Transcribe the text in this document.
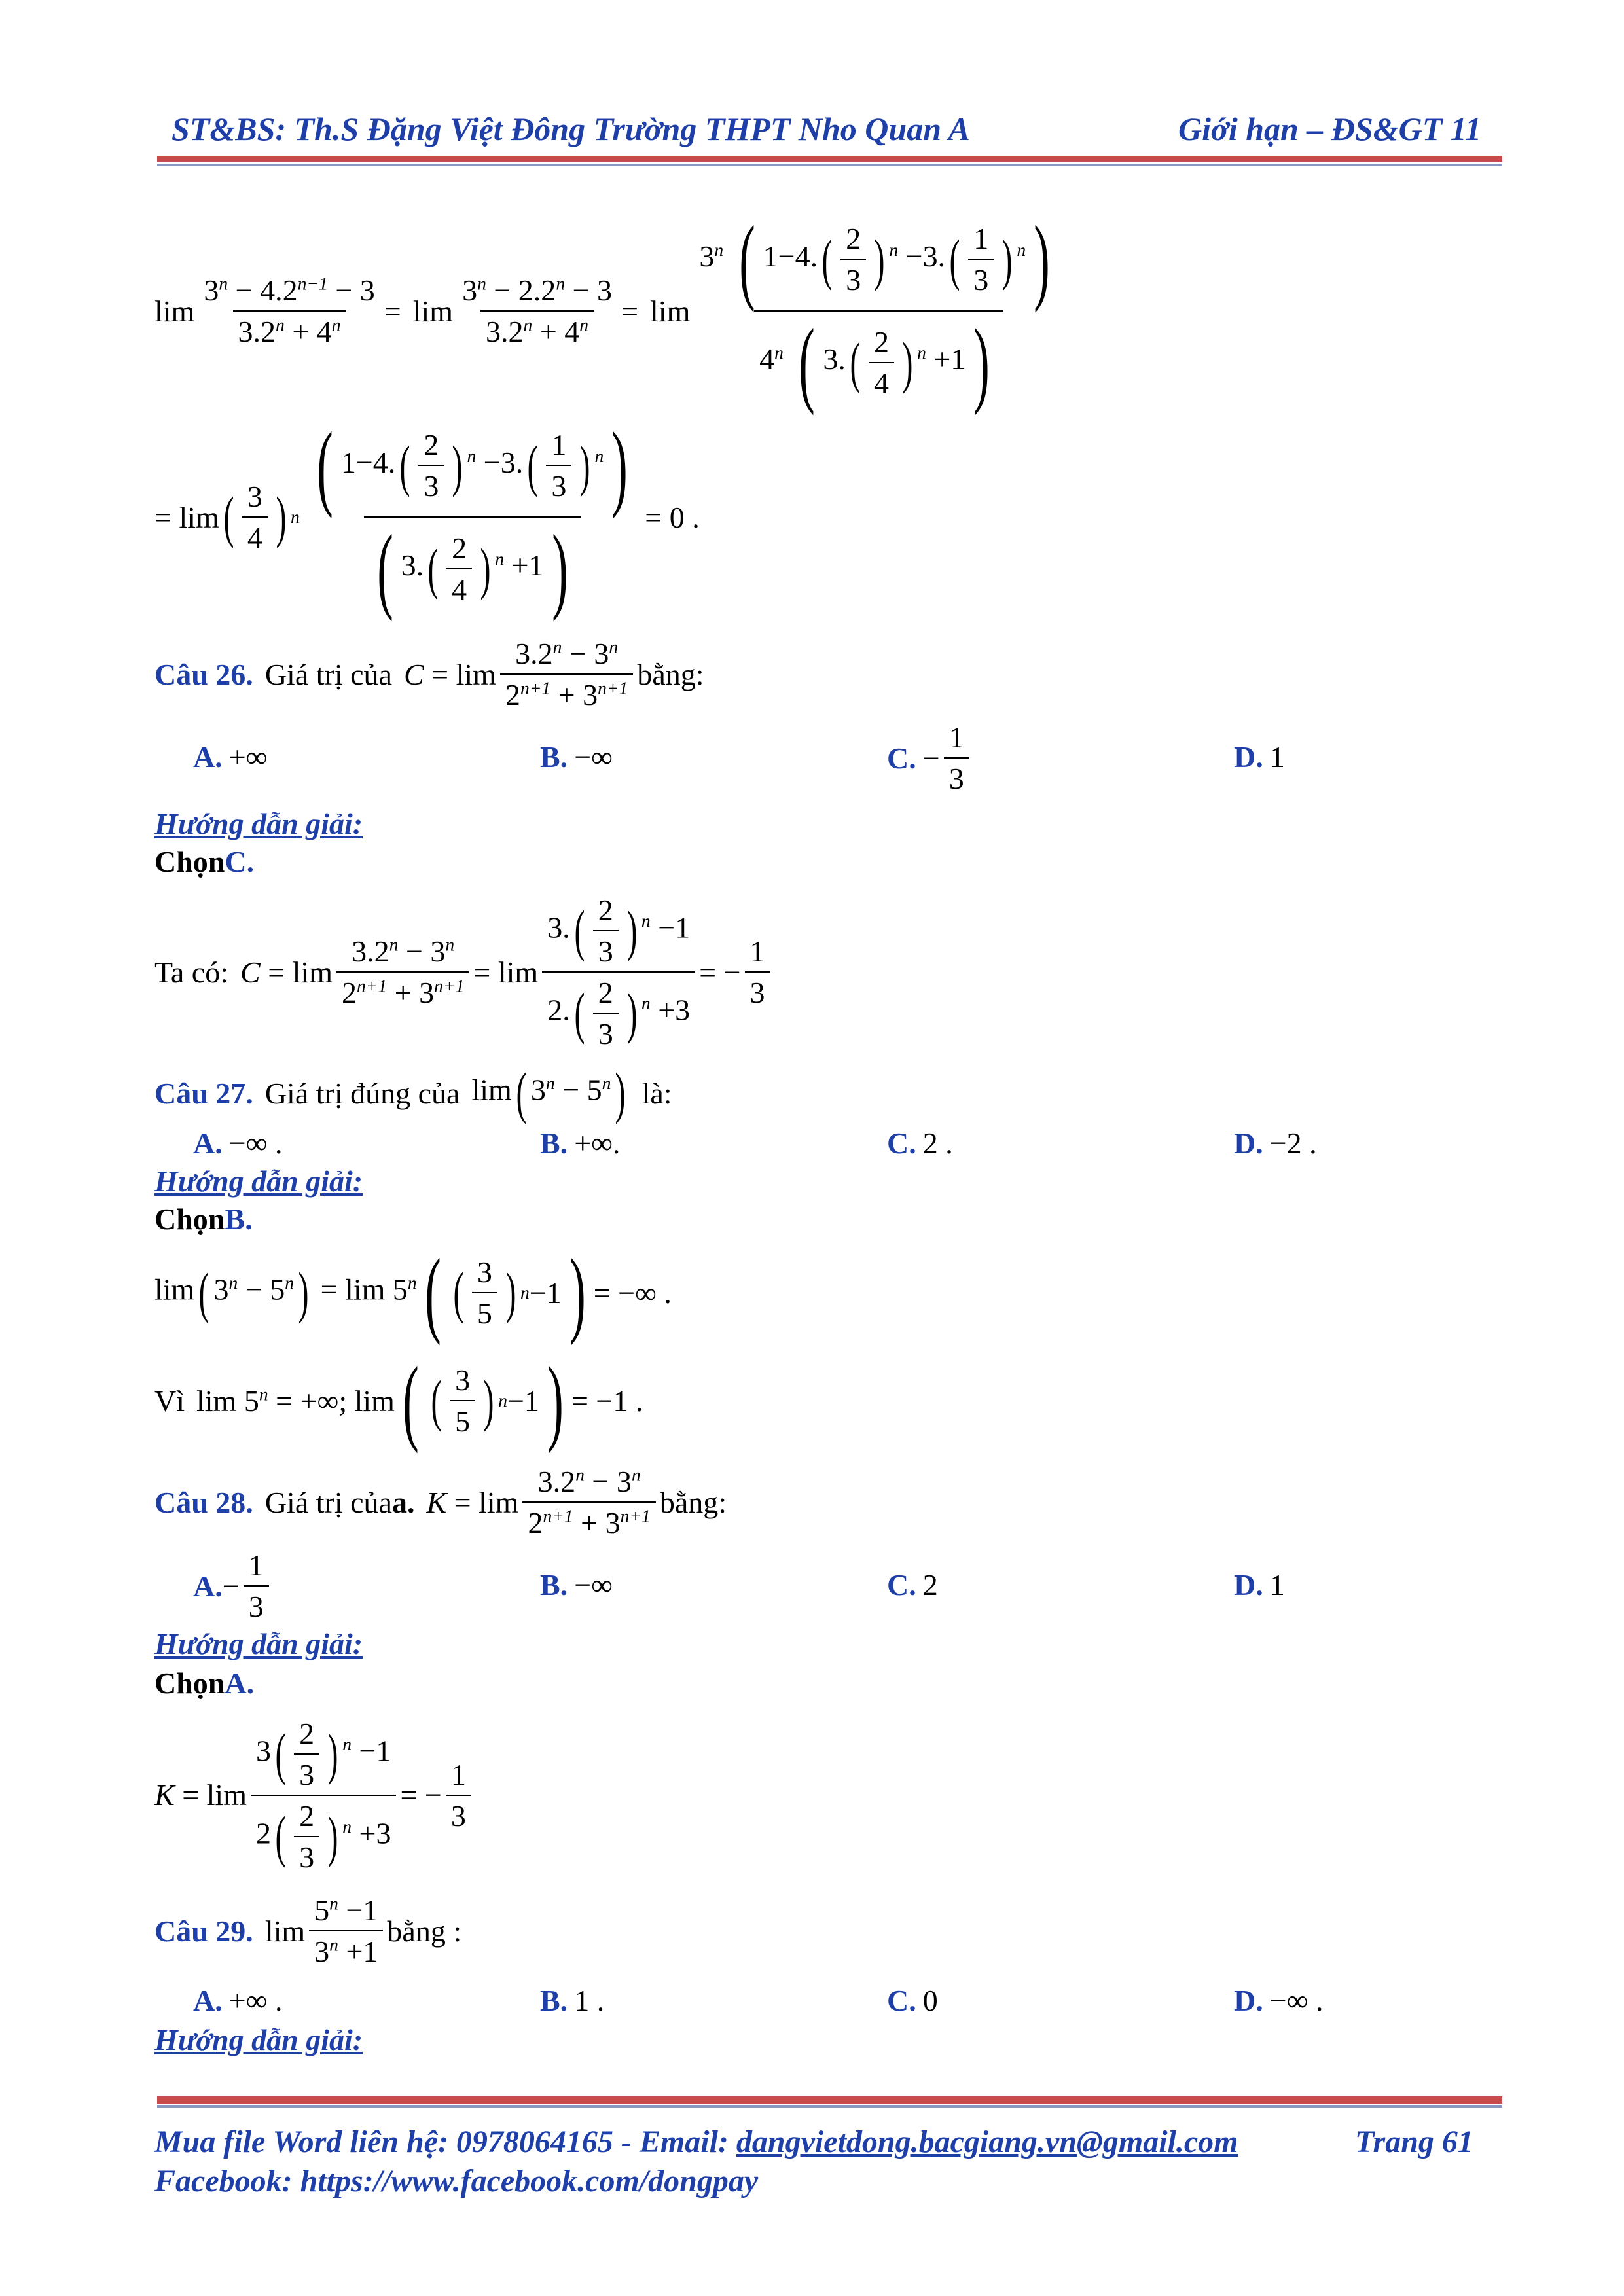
ST&BS: Th.S Đặng Việt Đông Trường THPT Nho Quan A	Giới hạn – ĐS&GT 11
$\lim \frac{3^n - 4.2^{n-1} - 3}{3.2^n + 4^n} = \lim \frac{3^n - 2.2^n - 3}{3.2^n + 4^n} = \lim \frac{3^n ( 1-4.( \frac{2}{3} ) ^n -3.( \frac{1}{3} ) ^n)}{4^n ( 3.( \frac{2}{4} ) ^n +1)}$
= lim ( $\frac{3}{4}$ ) n $\frac{( 1-4.( \frac{2}{3} ) ^n -3.( \frac{1}{3} ) ^n)}{( 3.( \frac{2}{4} ) ^n +1)} = 0$ .
Câu 26. Giá trị của $C = \lim \frac{3.2^n - 3^n}{2^{n+1} + 3^{n+1}}$ bằng:
A. +∞	B. −∞	C. − $\frac{1}{3}$	D. 1
Hướng dẫn giải:
ChọnC.
Ta có: $C = \lim \frac{3.2^n - 3^n}{2^{n+1} + 3^{n+1}} = \lim \frac{3.( \frac{2}{3} ) ^n -1}{2.( \frac{2}{3} ) ^n +3}$ = − $\frac{1}{3}$
Câu 27. Giá trị đúng của lim( $3^n - 5^n$) là:
A. −∞ .	B. +∞.	C. 2 .	D. −2 .
Hướng dẫn giải:
ChọnB.
lim( $3^n - 5^n) = \lim 5^n$ ( ( $\frac{3}{5}$ ) n −1 ) = −∞ .
Vì $\lim 5^n$ = +∞; lim ( ( $\frac{3}{5}$ ) n −1 ) = −1 .
Câu 28. Giá trị của a. $K = \lim \frac{3.2^n - 3^n}{2^{n+1} + 3^{n+1}}$ bằng:
A. − $\frac{1}{3}$	B. −∞	C. 2	D. 1
Hướng dẫn giải:
ChọnA.
$K = \lim \frac{3( \frac{2}{3} ) ^n -1}{2( \frac{2}{3} ) ^n +3}$ = − $\frac{1}{3}$
Câu 29. $\lim \frac{5^n -1}{3^n +1}$ bằng :
A. +∞ .	B. 1 .	C. 0	D. −∞ .
Hướng dẫn giải:
Mua file Word liên hệ: 0978064165 - Email: dangvietdong.bacgiang.vn@gmail.com	Trang 61
Facebook: https://www.facebook.com/dongpay
